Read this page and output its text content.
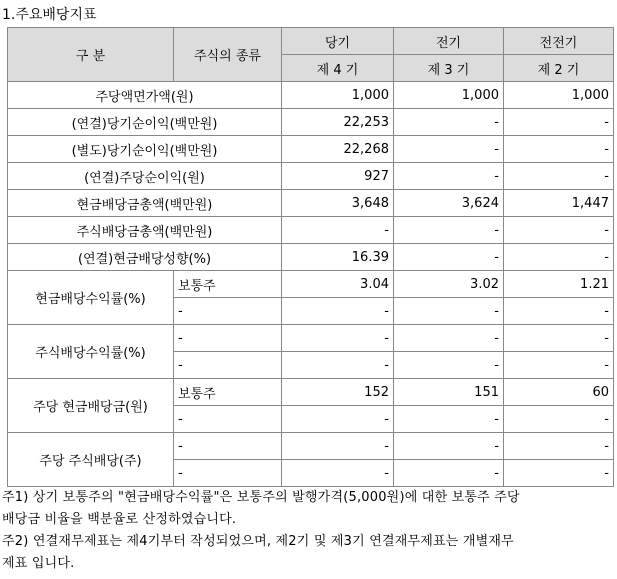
1.주요배당지표
구 분	주식의 종류	당기	전기	전전기
		제 4 기	제 3 기	제 2 기
주당액면가액(원)		1,000	1,000	1,000
(연결)당기순이익(백만원)		22,253	-	-
(별도)당기순이익(백만원)		22,268	-	-
(연결)주당순이익(원)		927	-	-
현금배당금총액(백만원)		3,648	3,624	1,447
주식배당금총액(백만원)		-	-	-
(연결)현금배당성향(%)		16.39	-	-
현금배당수익률(%)	보통주	3.04	3.02	1.21
	-	-	-	-
주식배당수익률(%)	-	-	-	-
	-	-	-	-
주당 현금배당금(원)	보통주	152	151	60
	-	-	-	-
주당 주식배당(주)	-	-	-	-
	-	-	-	-
주1) 상기 보통주의 "현금배당수익률"은 보통주의 발행가격(5,000원)에 대한 보통주 주당
배당금 비율을 백분율로 산정하였습니다.
주2) 연결재무제표는 제4기부터 작성되었으며, 제2기 및 제3기 연결재무제표는 개별재무
제표 입니다.
